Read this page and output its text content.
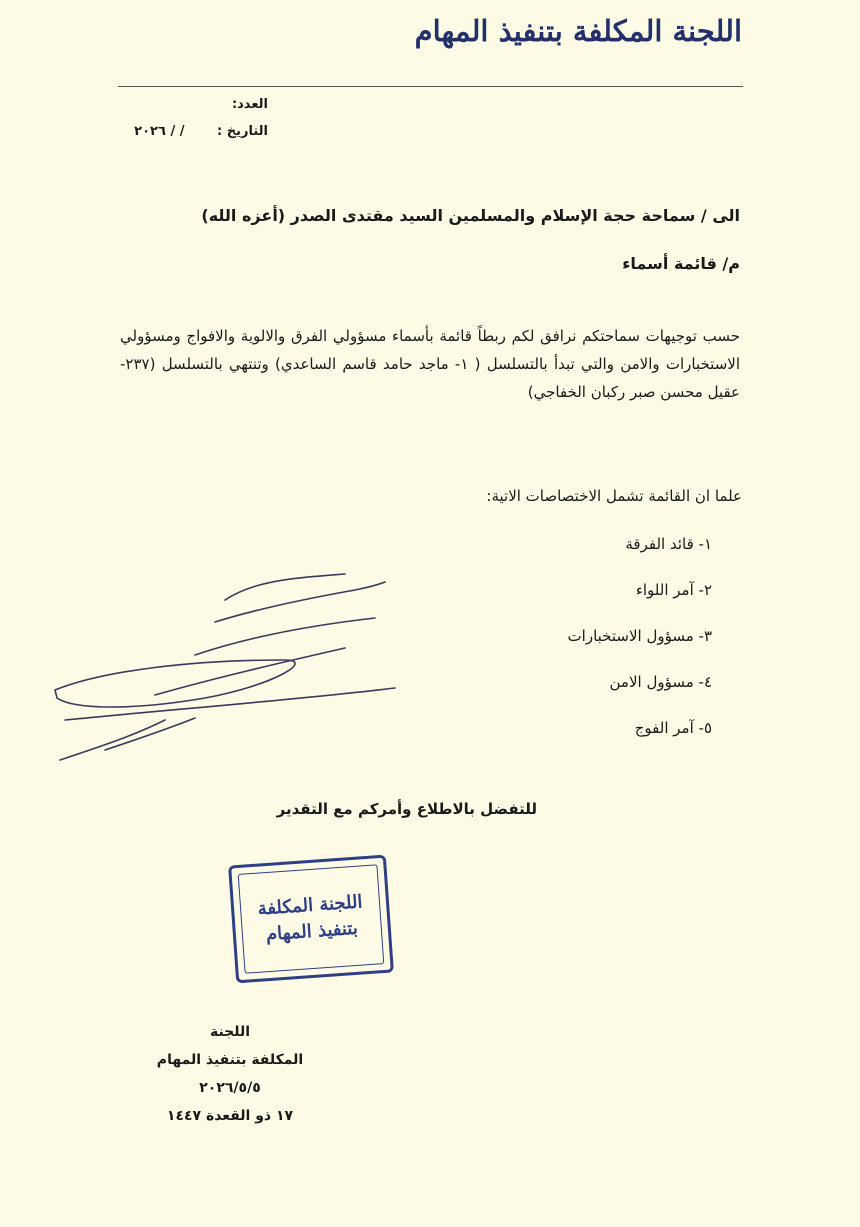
اللجنة المكلفة بتنفيذ المهام
العدد:
التاريخ : / / ٢٠٢٦
الى / سماحة حجة الإسلام والمسلمين السيد مقتدى الصدر (أعزه الله)
م/ قائمة أسماء
حسب توجيهات سماحتكم نرافق لكم ربطاً قائمة بأسماء مسؤولي الفرق والالوية والافواج ومسؤولي الاستخبارات والامن والتي تبدأ بالتسلسل ( ١- ماجد حامد قاسم الساعدي) وتنتهي بالتسلسل (٢٣٧- عقيل محسن صبر ركبان الخفاجي)
علما ان القائمة تشمل الاختصاصات الاتية:
١- قائد الفرقة
٢- آمر اللواء
٣- مسؤول الاستخبارات
٤- مسؤول الامن
٥- آمر الفوج
للتفضل بالاطلاع وأمركم مع التقدير
اللجنة المكلفة
بتنفيذ المهام
اللجنة
المكلفة بتنفيذ المهام
٢٠٢٦/٥/٥
١٧ ذو القعدة ١٤٤٧
